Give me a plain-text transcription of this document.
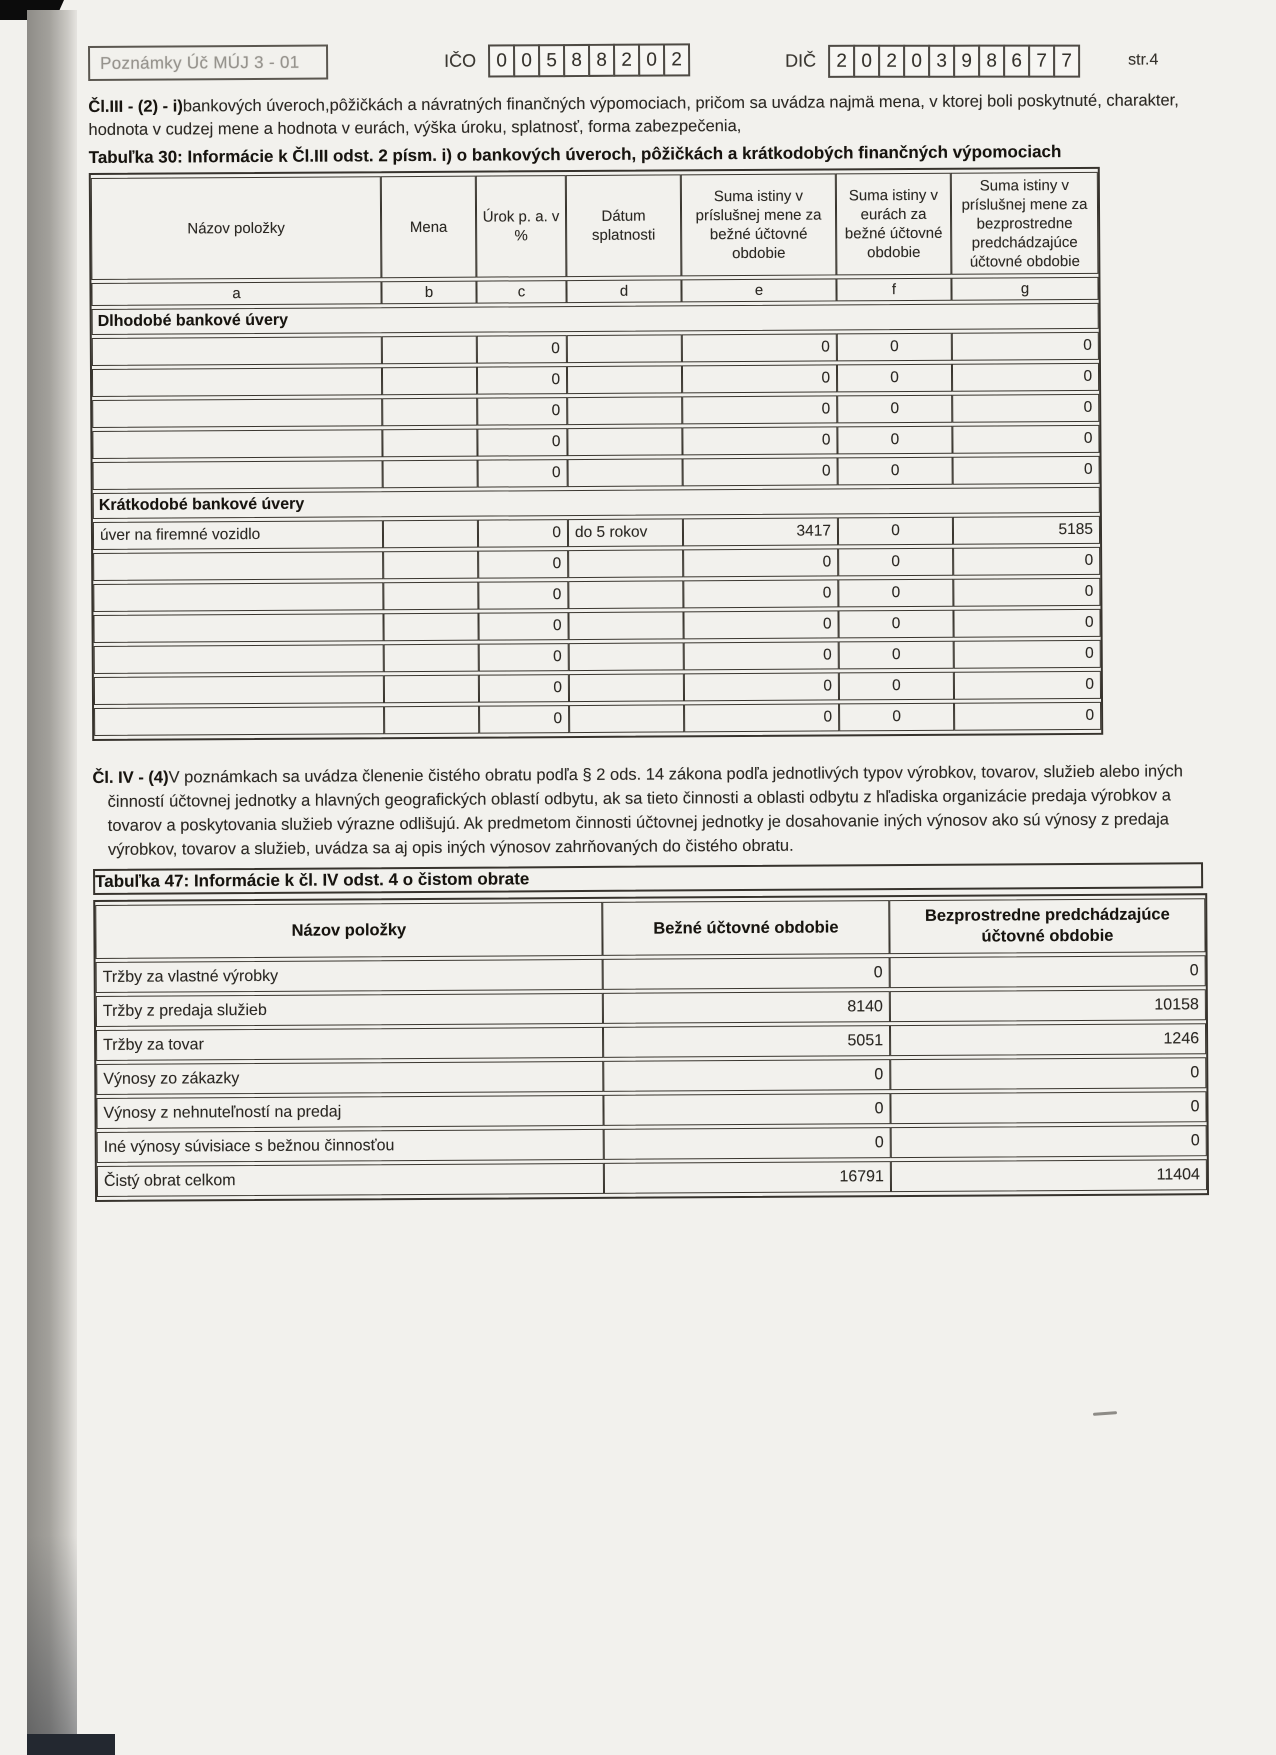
Poznámky Úč MÚJ 3 - 01	IČO	0 0 5 8 8 2 0 2	DIČ	2 0 2 0 3 9 8 6 7 7	str.4

Čl.III - (2) - i)bankových úveroch,pôžičkách a návratných finančných výpomociach, pričom sa uvádza najmä mena, v ktorej boli poskytnuté, charakter, hodnota v cudzej mene a hodnota v eurách, výška úroku, splatnosť, forma zabezpečenia,

Tabuľka 30: Informácie k Čl.III odst. 2 písm. i) o bankových úveroch, pôžičkách a krátkodobých finančných výpomociach
Názov položky	Mena	Úrok p. a. v %	Dátum splatnosti	Suma istiny v príslušnej mene za bežné účtovné obdobie	Suma istiny v eurách za bežné účtovné obdobie	Suma istiny v príslušnej mene za bezprostredne predchádzajúce účtovné obdobie
a	b	c	d	e	f	g
Dlhodobé bankové úvery						
		0		0	0	0
		0		0	0	0
		0		0	0	0
		0		0	0	0
		0		0	0	0
Krátkodobé bankové úvery						
úver na firemné vozidlo		0	do 5 rokov	3417	0	5185
		0		0	0	0
		0		0	0	0
		0		0	0	0
		0		0	0	0
		0		0	0	0
		0		0	0	0

Čl. IV - (4)V poznámkach sa uvádza členenie čistého obratu podľa § 2 ods. 14 zákona podľa jednotlivých typov výrobkov, tovarov, služieb alebo iných činností účtovnej jednotky a hlavných geografických oblastí odbytu, ak sa tieto činnosti a oblasti odbytu z hľadiska organizácie predaja výrobkov a tovarov a poskytovania služieb výrazne odlišujú. Ak predmetom činnosti účtovnej jednotky je dosahovanie iných výnosov ako sú výnosy z predaja výrobkov, tovarov a služieb, uvádza sa aj opis iných výnosov zahrňovaných do čistého obratu.

Tabuľka 47: Informácie k čl. IV odst. 4 o čistom obrate
Názov položky	Bežné účtovné obdobie	Bezprostredne predchádzajúce účtovné obdobie
Tržby za vlastné výrobky	0	0
Tržby z predaja služieb	8140	10158
Tržby za tovar	5051	1246
Výnosy zo zákazky	0	0
Výnosy z nehnuteľností na predaj	0	0
Iné výnosy súvisiace s bežnou činnosťou	0	0
Čistý obrat celkom	16791	11404
